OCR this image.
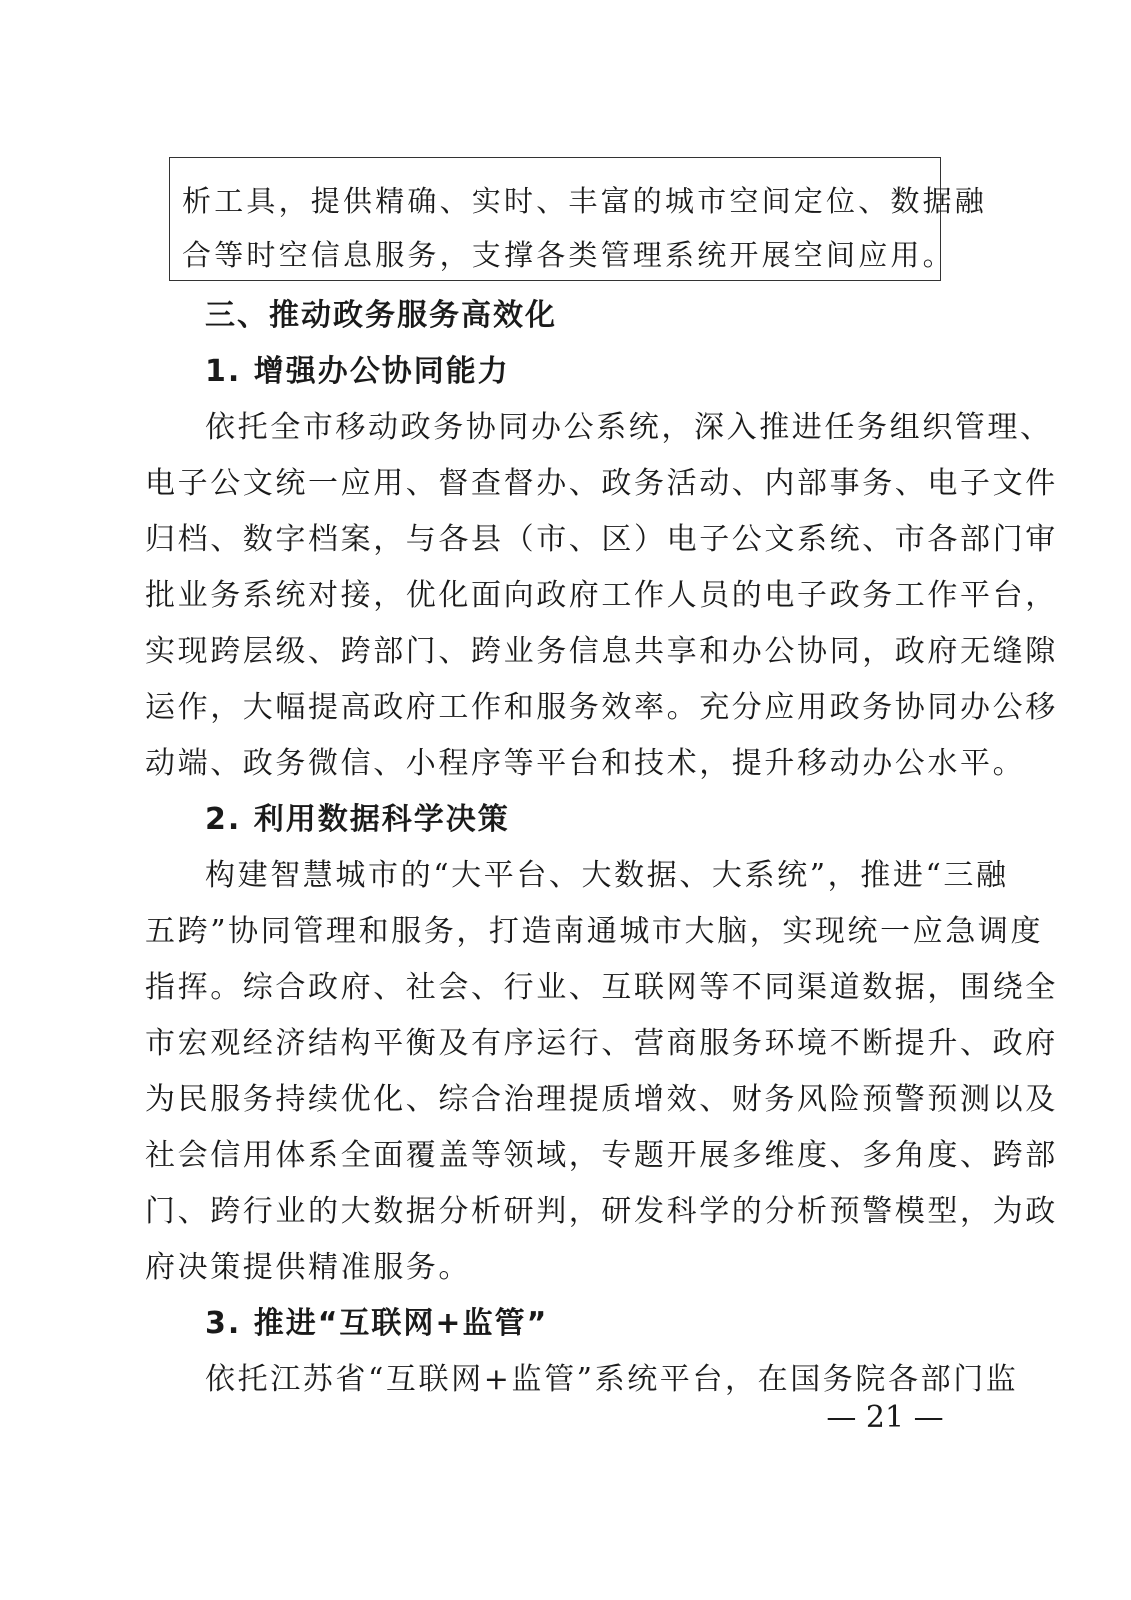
析工具，提供精确、实时、丰富的城市空间定位、数据融

合等时空信息服务，支撑各类管理系统开展空间应用。

三、推动政务服务高效化
1. 增强办公协同能力
依托全市移动政务协同办公系统，深入推进任务组织管理、
电子公文统一应用、督查督办、政务活动、内部事务、电子文件
归档、数字档案，与各县（市、区）电子公文系统、市各部门审
批业务系统对接，优化面向政府工作人员的电子政务工作平台，
实现跨层级、跨部门、跨业务信息共享和办公协同，政府无缝隙
运作，大幅提高政府工作和服务效率。充分应用政务协同办公移
动端、政务微信、小程序等平台和技术，提升移动办公水平。
2. 利用数据科学决策
构建智慧城市的“大平台、大数据、大系统”，推进“三融
五跨”协同管理和服务，打造南通城市大脑，实现统一应急调度
指挥。综合政府、社会、行业、互联网等不同渠道数据，围绕全
市宏观经济结构平衡及有序运行、营商服务环境不断提升、政府
为民服务持续优化、综合治理提质增效、财务风险预警预测以及
社会信用体系全面覆盖等领域，专题开展多维度、多角度、跨部
门、跨行业的大数据分析研判，研发科学的分析预警模型，为政
府决策提供精准服务。
3. 推进“互联网+监管”
依托江苏省“互联网+监管”系统平台，在国务院各部门监
— 21 —
